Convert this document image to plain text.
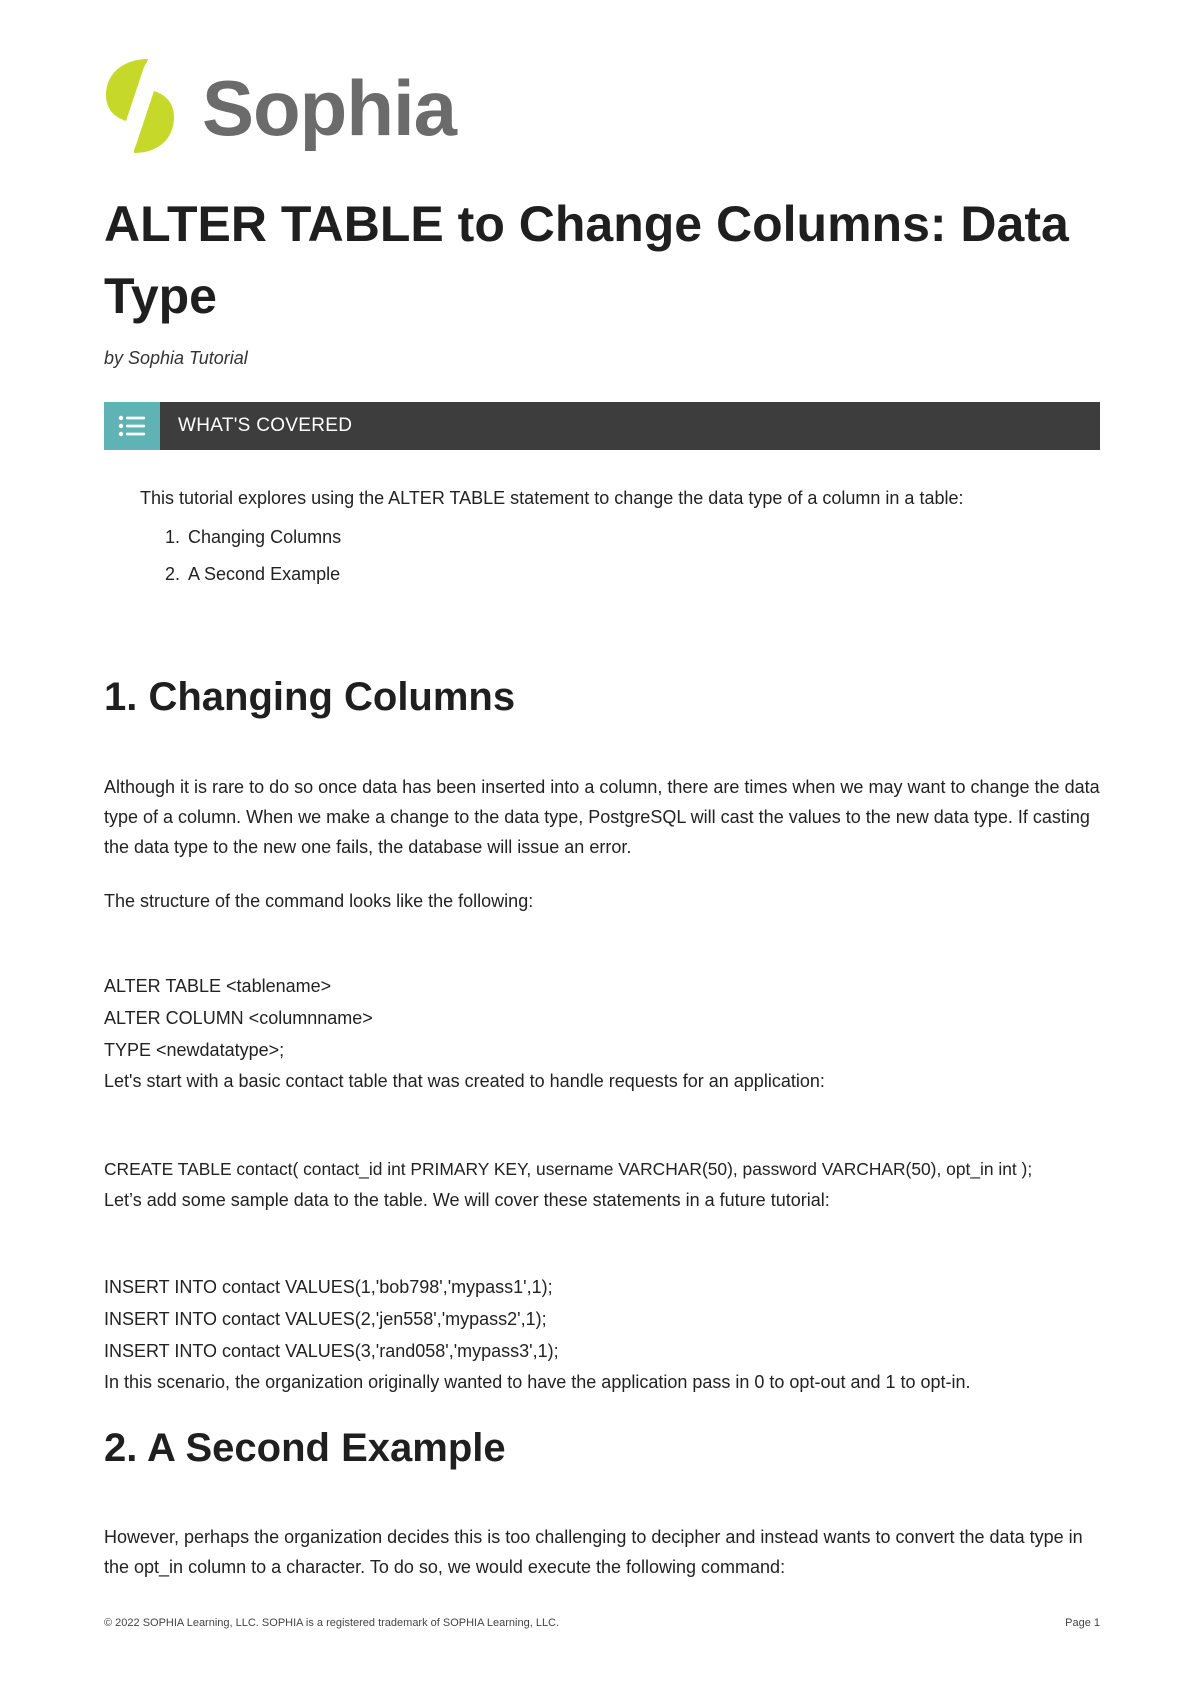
Sophia
ALTER TABLE to Change Columns: Data Type
by Sophia Tutorial
WHAT'S COVERED
This tutorial explores using the ALTER TABLE statement to change the data type of a column in a table:
1. Changing Columns
2. A Second Example
1. Changing Columns

Although it is rare to do so once data has been inserted into a column, there are times when we may want to change the data type of a column. When we make a change to the data type, PostgreSQL will cast the values to the new data type. If casting the data type to the new one fails, the database will issue an error.

The structure of the command looks like the following:

ALTER TABLE <tablename>
ALTER COLUMN <columnname>
TYPE <newdatatype>;
Let's start with a basic contact table that was created to handle requests for an application:
CREATE TABLE contact( contact_id int PRIMARY KEY, username VARCHAR(50), password VARCHAR(50), opt_in int );
Let’s add some sample data to the table. We will cover these statements in a future tutorial:
INSERT INTO contact VALUES(1,'bob798','mypass1',1);
INSERT INTO contact VALUES(2,'jen558','mypass2',1);
INSERT INTO contact VALUES(3,'rand058','mypass3',1);
In this scenario, the organization originally wanted to have the application pass in 0 to opt-out and 1 to opt-in.
2. A Second Example

However, perhaps the organization decides this is too challenging to decipher and instead wants to convert the data type in the opt_in column to a character. To do so, we would execute the following command:

© 2022 SOPHIA Learning, LLC. SOPHIA is a registered trademark of SOPHIA Learning, LLC.	Page 1
